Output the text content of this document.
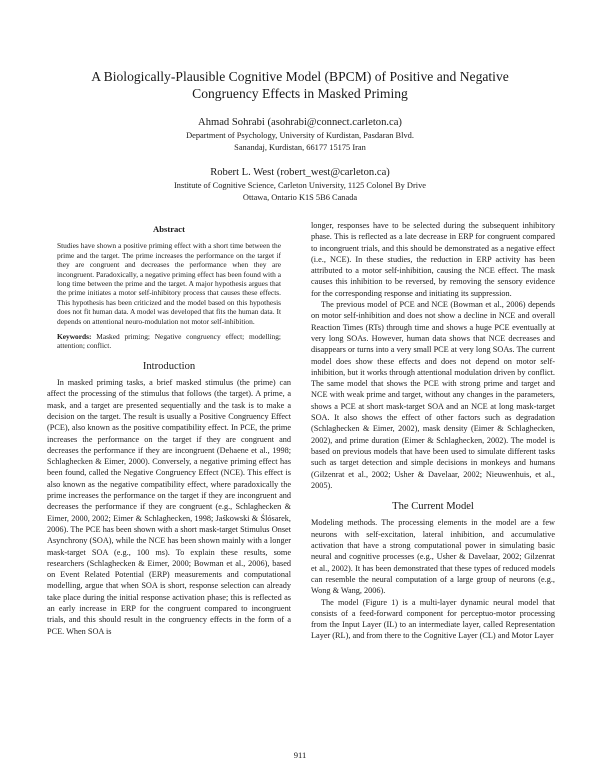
A Biologically-Plausible Cognitive Model (BPCM) of Positive and Negative
Congruency Effects in Masked Priming
Ahmad Sohrabi (asohrabi@connect.carleton.ca)
Department of Psychology, University of Kurdistan, Pasdaran Blvd.
Sanandaj, Kurdistan, 66177 15175 Iran
Robert L. West (robert_west@carleton.ca)
Institute of Cognitive Science, Carleton University, 1125 Colonel By Drive
Ottawa, Ontario K1S 5B6 Canada
Abstract

Studies have shown a positive priming effect with a short time between the prime and the target. The prime increases the performance on the target if they are congruent and decreases the performance when they are incongruent. Paradoxically, a negative priming effect has been found with a long time between the prime and the target. A major hypothesis argues that the prime initiates a motor self-inhibitory process that causes these effects. This hypothesis has been criticized and the model based on this hypothesis does not fit human data. A model was developed that fits the human data. It depends on attentional neuro-modulation not motor self-inhibition.

Keywords: Masked priming; Negative congruency effect; modelling; attention; conflict.
Introduction

In masked priming tasks, a brief masked stimulus (the prime) can affect the processing of the stimulus that follows (the target). A prime, a mask, and a target are presented sequentially and the task is to make a decision on the target. The result is usually a Positive Congruency Effect (PCE), also known as the positive compatibility effect. In PCE, the prime increases the performance on the target if they are congruent and decreases the performance if they are incongruent (Dehaene et al., 1998; Schlaghecken & Eimer, 2000). Conversely, a negative priming effect has been found, called the Negative Congruency Effect (NCE). This effect is also known as the negative compatibility effect, where paradoxically the prime increases the performance on the target if they are incongruent and decreases the performance if they are congruent (e.g., Schlaghecken & Eimer, 2000, 2002; Eimer & Schlaghecken, 1998; Jaśkowski & Ślósarek, 2006). The PCE has been shown with a short mask-target Stimulus Onset Asynchrony (SOA), while the NCE has been shown mainly with a longer mask-target SOA (e.g., 100 ms). To explain these results, some researchers (Schlaghecken & Eimer, 2000; Bowman et al., 2006), based on Event Related Potential (ERP) measurements and computational modelling, argue that when SOA is short, response selection can already take place during the initial response activation phase; this is reflected as an early increase in ERP for the congruent compared to incongruent trials, and this should result in the congruency effects in the form of a PCE. When SOA is

longer, responses have to be selected during the subsequent inhibitory phase. This is reflected as a late decrease in ERP for congruent compared to incongruent trials, and this should be demonstrated as a negative effect (i.e., NCE). In these studies, the reduction in ERP activity has been attributed to a motor self-inhibition, causing the NCE effect. The mask causes this inhibition to be reversed, by removing the sensory evidence for the corresponding response and initiating its suppression.

The previous model of PCE and NCE (Bowman et al., 2006) depends on motor self-inhibition and does not show a decline in NCE and overall Reaction Times (RTs) through time and shows a huge PCE eventually at very long SOAs. However, human data shows that NCE decreases and disappears or turns into a very small PCE at very long SOAs. The current model does show these effects and does not depend on motor self-inhibition, but it works through attentional modulation driven by conflict. The same model that shows the PCE with strong prime and target and NCE with weak prime and target, without any changes in the parameters, shows a PCE at short mask-target SOA and an NCE at long mask-target SOA. It also shows the effect of other factors such as degradation (Schlaghecken & Eimer, 2002), mask density (Eimer & Schlaghecken, 2002), and prime duration (Eimer & Schlaghecken, 2002). The model is based on previous models that have been used to simulate different tasks such as target detection and simple decisions in monkeys and humans (Gilzenrat et al., 2002; Usher & Davelaar, 2002; Nieuwenhuis, et al., 2005).

The Current Model

Modeling methods. The processing elements in the model are a few neurons with self-excitation, lateral inhibition, and accumulative activation that have a strong computational power in simulating basic neural and cognitive processes (e.g., Usher & Davelaar, 2002; Gilzenrat et al., 2002). It has been demonstrated that these types of reduced models can resemble the neural computation of a large group of neurons (e.g., Wong & Wang, 2006).

The model (Figure 1) is a multi-layer dynamic neural model that consists of a feed-forward component for perceptuo-motor processing from the Input Layer (IL) to an intermediate layer, called Representation Layer (RL), and from there to the Cognitive Layer (CL) and Motor Layer

911
